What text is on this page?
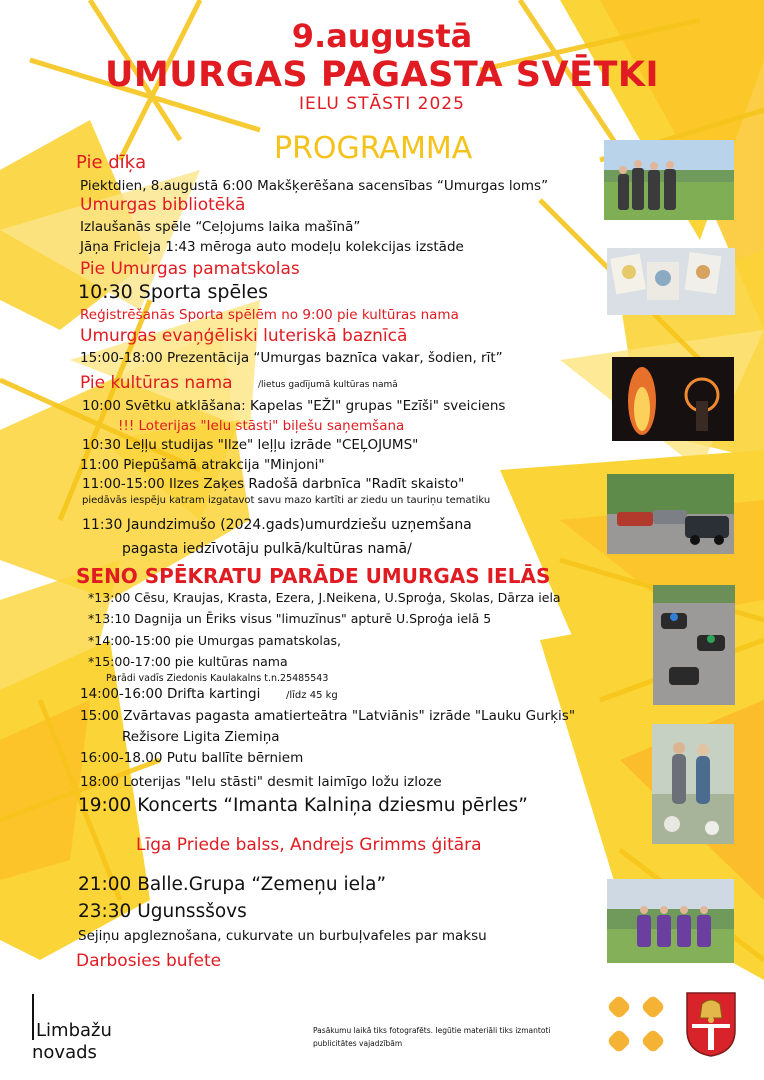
9.augustā
UMURGAS PAGASTA SVĒTKI
IELU STĀSTI 2025
PROGRAMMA
Pie dīķa
Piektdien, 8.augustā 6:00 Makšķerēšana sacensības “Umurgas loms”
Umurgas bibliotēkā
Izlaušanās spēle “Ceļojums laika mašīnā”
Jāņa Fricleja 1:43 mēroga auto modeļu kolekcijas izstāde
Pie Umurgas pamatskolas
10:30 Sporta spēles
Reģistrēšanās Sporta spēlēm no 9:00 pie kultūras nama
Umurgas evaņģēliski luteriskā baznīcā
15:00-18:00 Prezentācija “Umurgas baznīca vakar, šodien, rīt”
Pie kultūras nama	/lietus gadījumā kultūras namā
10:00 Svētku atklāšana: Kapelas "EŽI" grupas "Ezīši" sveiciens
!!! Loterijas "Ielu stāsti" biļešu saņemšana
10:30 Leļļu studijas "Ilze" leļļu izrāde "CEĻOJUMS"
11:00 Piepūšamā atrakcija "Minjoni"
11:00-15:00 Ilzes Zaķes Radošā darbnīca "Radīt skaisto"
piedāvās iespēju katram izgatavot savu mazo kartīti ar ziedu un tauriņu tematiku
11:30 Jaundzimušo (2024.gads)umurdziešu uzņemšana
pagasta iedzīvotāju pulkā/kultūras namā/
SENO SPĒKRATU PARĀDE UMURGAS IELĀS
*13:00 Cēsu, Kraujas, Krasta, Ezera, J.Neikena, U.Sproģa, Skolas, Dārza iela
*13:10 Dagnija un Ēriks visus "limuzīnus" apturē U.Sproģa ielā 5
*14:00-15:00 pie Umurgas pamatskolas,
*15:00-17:00 pie kultūras nama
Parādi vadīs Ziedonis Kaulakalns t.n.25485543
14:00-16:00 Drifta kartingi	/līdz 45 kg
15:00 Zvārtavas pagasta amatierteātra "Latviānis" izrāde "Lauku Gurķis"
Režisore Ligita Ziemiņa
16:00-18.00 Putu ballīte bērniem
18:00 Loterijas "Ielu stāsti" desmit laimīgo ložu izloze
19:00 Koncerts “Imanta Kalniņa dziesmu pērles”
Līga Priede balss, Andrejs Grimms ģitāra
21:00 Balle.Grupa “Zemeņu iela”
23:30 Ugunssšovs
Sejiņu apgleznošana, cukurvate un burbuļvafeles par maksu
Darbosies bufete
Limbažu
novads
Pasākumu laikā tiks fotografēts. Iegūtie materiāli tiks izmantoti
publicitātes vajadzībām
